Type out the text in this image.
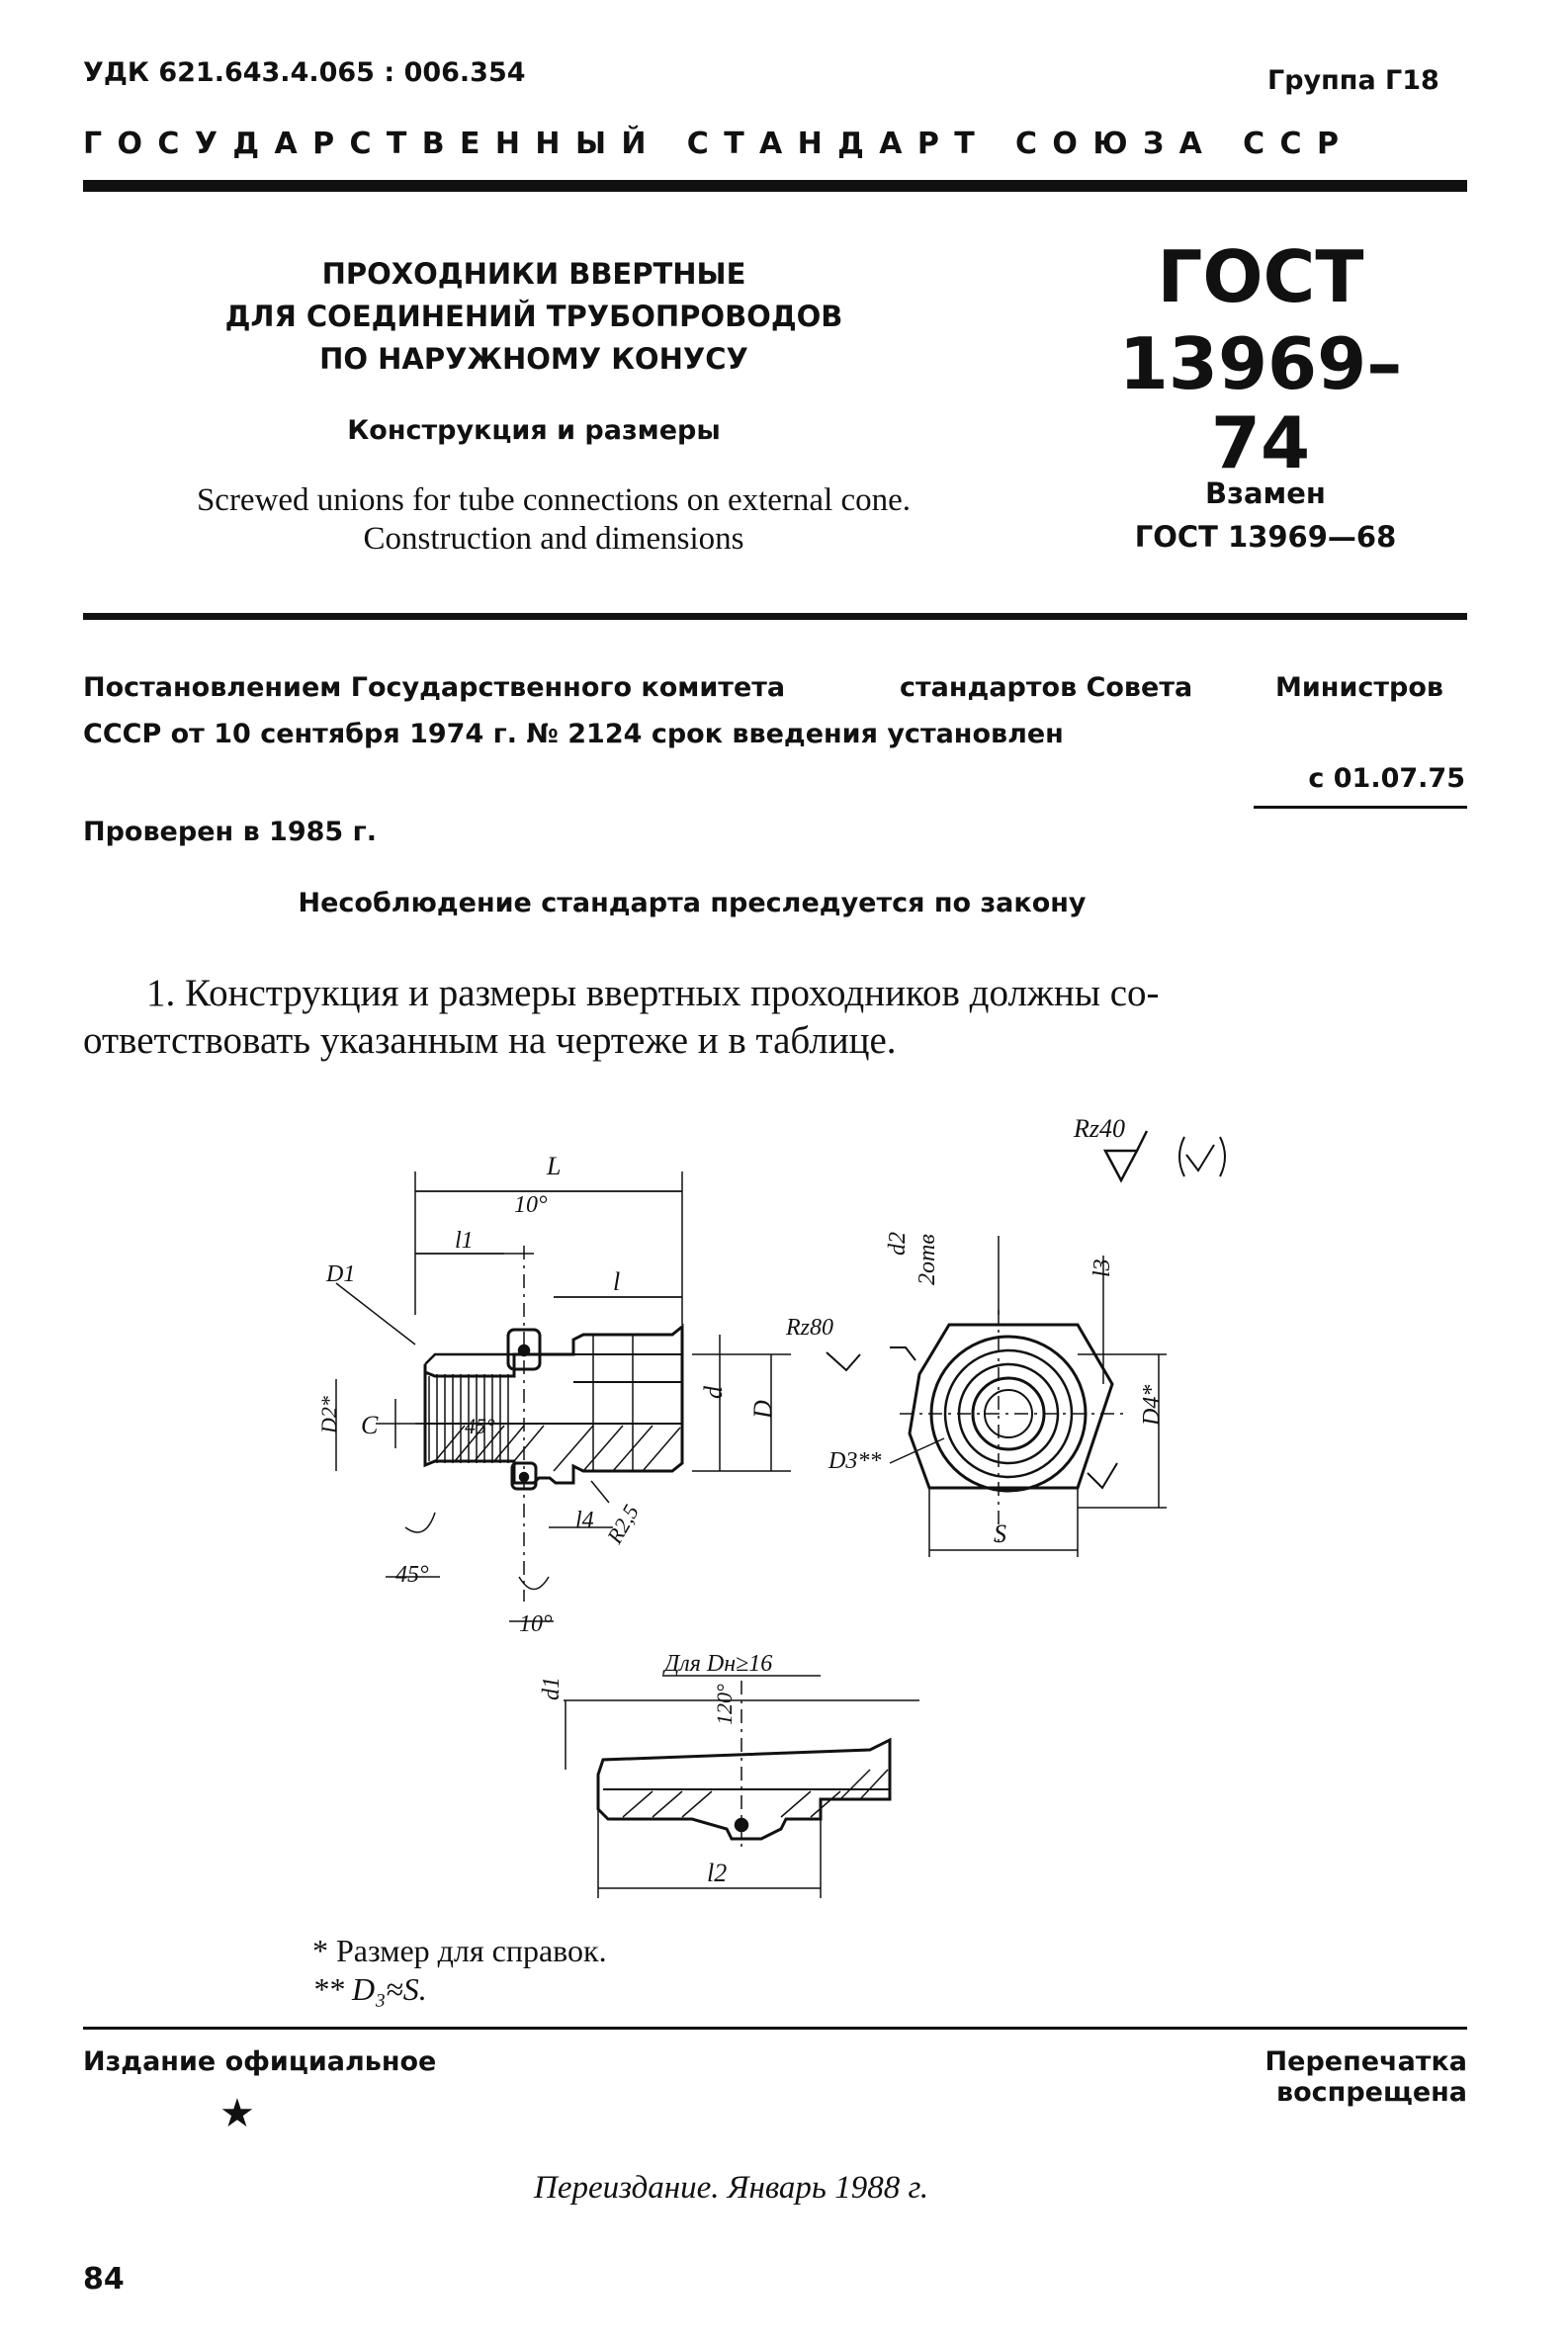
УДК 621.643.4.065 : 006.354	Группа Г18
ГОСУДАРСТВЕННЫЙ СТАНДАРТ СОЮЗА ССР
ПРОХОДНИКИ ВВЕРТНЫЕ
ДЛЯ СОЕДИНЕНИЙ ТРУБОПРОВОДОВ
ПО НАРУЖНОМУ КОНУСУ
Конструкция и размеры
Screwed unions for tube connections on external cone.
Construction and dimensions
ГОСТ
13969–74
Взамен
ГОСТ 13969—68
Постановлением Государственного комитета	стандартов Совета	Министров
СССР от 10 сентября 1974 г. № 2124 срок введения установлен
с 01.07.75
Проверен в 1985 г.
Несоблюдение стандарта преследуется по закону
1. Конструкция и размеры ввертных проходников должны со-
ответствовать указанным на чертеже и в таблице.
Rz40
L
10°
l1
D1	l
C
D2*	45°
d
D
l4 R2,5
45°
10°
d2 2отв
Rz80
l3
D3**
D4*
S
Для Dн≥16
d1	120°
l2
* Размер для справок.
** D₃≈S.
Издание официальное	Перепечатка воспрещена
★
Переиздание. Январь 1988 г.
84
